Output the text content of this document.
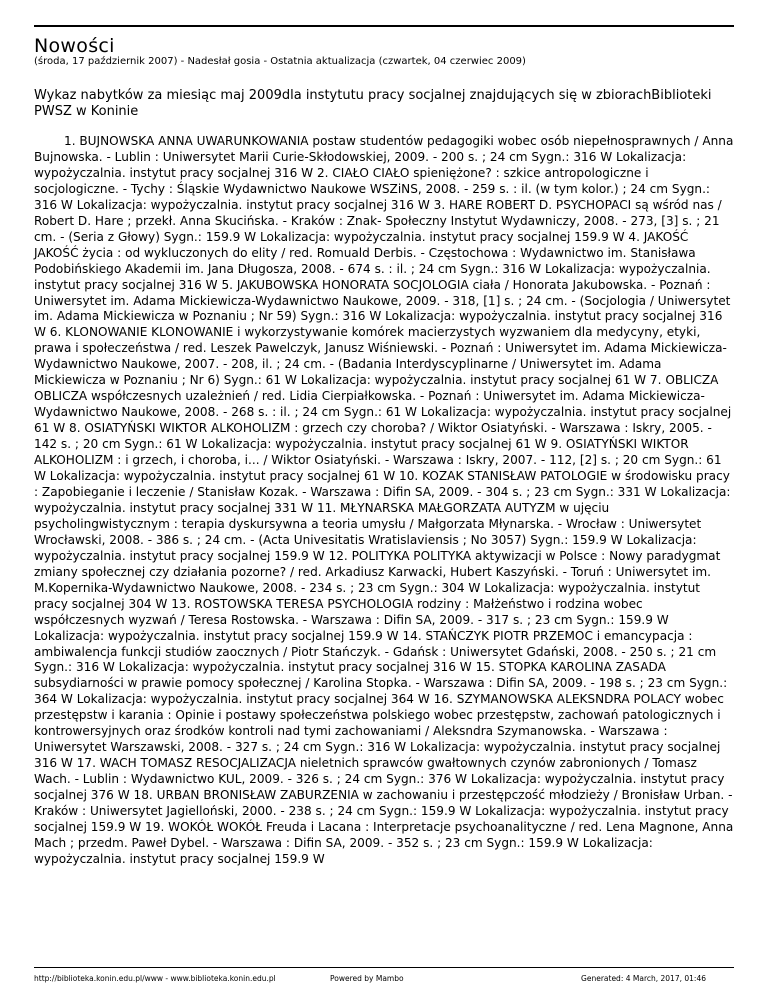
Nowości
(środa, 17 październik 2007) - Nadesłał gosia - Ostatnia aktualizacja (czwartek, 04 czerwiec 2009)
Wykaz nabytków za miesiąc maj 2009dla instytutu pracy socjalnej znajdujących się w zbiorachBiblioteki PWSZ w Koninie
1. BUJNOWSKA ANNA UWARUNKOWANIA postaw studentów pedagogiki wobec osób niepełnosprawnych / Anna Bujnowska. - Lublin : Uniwersytet Marii Curie-Skłodowskiej, 2009. - 200 s. ; 24 cm Sygn.: 316 W Lokalizacja: wypożyczalnia. instytut pracy socjalnej 316 W 2. CIAŁO CIAŁO spieniężone? : szkice antropologiczne i socjologiczne. - Tychy : Śląskie Wydawnictwo Naukowe WSZiNS, 2008. - 259 s. : il. (w tym kolor.) ; 24 cm Sygn.: 316 W Lokalizacja: wypożyczalnia. instytut pracy socjalnej 316 W 3. HARE ROBERT D. PSYCHOPACI są wśród nas / Robert D. Hare ; przekł. Anna Skucińska. - Kraków : Znak- Społeczny Instytut Wydawniczy, 2008. - 273, [3] s. ; 21 cm. - (Seria z Głowy) Sygn.: 159.9 W Lokalizacja: wypożyczalnia. instytut pracy socjalnej 159.9 W 4. JAKOŚĆ JAKOŚĆ życia : od wykluczonych do elity / red. Romuald Derbis. - Częstochowa : Wydawnictwo im. Stanisława Podobińskiego Akademii im. Jana Długosza, 2008. - 674 s. : il. ; 24 cm Sygn.: 316 W Lokalizacja: wypożyczalnia. instytut pracy socjalnej 316 W 5. JAKUBOWSKA HONORATA SOCJOLOGIA ciała / Honorata Jakubowska. - Poznań : Uniwersytet im. Adama Mickiewicza-Wydawnictwo Naukowe, 2009. - 318, [1] s. ; 24 cm. - (Socjologia / Uniwersytet im. Adama Mickiewicza w Poznaniu ; Nr 59) Sygn.: 316 W Lokalizacja: wypożyczalnia. instytut pracy socjalnej 316 W 6. KLONOWANIE KLONOWANIE i wykorzystywanie komórek macierzystych wyzwaniem dla medycyny, etyki, prawa i społeczeństwa / red. Leszek Pawelczyk, Janusz Wiśniewski. - Poznań : Uniwersytet im. Adama Mickiewicza-Wydawnictwo Naukowe, 2007. - 208, il. ; 24 cm. - (Badania Interdyscyplinarne / Uniwersytet im. Adama Mickiewicza w Poznaniu ; Nr 6) Sygn.: 61 W Lokalizacja: wypożyczalnia. instytut pracy socjalnej 61 W 7. OBLICZA OBLICZA współczesnych uzależnień / red. Lidia Cierpiałkowska. - Poznań : Uniwersytet im. Adama Mickiewicza-Wydawnictwo Naukowe, 2008. - 268 s. : il. ; 24 cm Sygn.: 61 W Lokalizacja: wypożyczalnia. instytut pracy socjalnej 61 W 8. OSIATYŃSKI WIKTOR ALKOHOLIZM : grzech czy choroba? / Wiktor Osiatyński. - Warszawa : Iskry, 2005. - 142 s. ; 20 cm Sygn.: 61 W Lokalizacja: wypożyczalnia. instytut pracy socjalnej 61 W 9. OSIATYŃSKI WIKTOR ALKOHOLIZM : i grzech, i choroba, i... / Wiktor Osiatyński. - Warszawa : Iskry, 2007. - 112, [2] s. ; 20 cm Sygn.: 61 W Lokalizacja: wypożyczalnia. instytut pracy socjalnej 61 W 10. KOZAK STANISŁAW PATOLOGIE w środowisku pracy : Zapobieganie i leczenie / Stanisław Kozak. - Warszawa : Difin SA, 2009. - 304 s. ; 23 cm Sygn.: 331 W Lokalizacja: wypożyczalnia. instytut pracy socjalnej 331 W 11. MŁYNARSKA MAŁGORZATA AUTYZM w ujęciu psycholingwistycznym : terapia dyskursywna a teoria umysłu / Małgorzata Młynarska. - Wrocław : Uniwersytet Wrocławski, 2008. - 386 s. ; 24 cm. - (Acta Univesitatis Wratislaviensis ; No 3057) Sygn.: 159.9 W Lokalizacja: wypożyczalnia. instytut pracy socjalnej 159.9 W 12. POLITYKA POLITYKA aktywizacji w Polsce : Nowy paradygmat zmiany społecznej czy działania pozorne? / red. Arkadiusz Karwacki, Hubert Kaszyński. - Toruń : Uniwersytet im. M.Kopernika-Wydawnictwo Naukowe, 2008. - 234 s. ; 23 cm Sygn.: 304 W Lokalizacja: wypożyczalnia. instytut pracy socjalnej 304 W 13. ROSTOWSKA TERESA PSYCHOLOGIA rodziny : Małżeństwo i rodzina wobec współczesnych wyzwań / Teresa Rostowska. - Warszawa : Difin SA, 2009. - 317 s. ; 23 cm Sygn.: 159.9 W Lokalizacja: wypożyczalnia. instytut pracy socjalnej 159.9 W 14. STAŃCZYK PIOTR PRZEMOC i emancypacja : ambiwalencja funkcji studiów zaocznych / Piotr Stańczyk. - Gdańsk : Uniwersytet Gdański, 2008. - 250 s. ; 21 cm Sygn.: 316 W Lokalizacja: wypożyczalnia. instytut pracy socjalnej 316 W 15. STOPKA KAROLINA ZASADA subsydiarności w prawie pomocy społecznej / Karolina Stopka. - Warszawa : Difin SA, 2009. - 198 s. ; 23 cm Sygn.: 364 W Lokalizacja: wypożyczalnia. instytut pracy socjalnej 364 W 16. SZYMANOWSKA ALEKSNDRA POLACY wobec przestępstw i karania : Opinie i postawy społeczeństwa polskiego wobec przestępstw, zachowań patologicznych i kontrowersyjnych oraz środków kontroli nad tymi zachowaniami / Aleksndra Szymanowska. - Warszawa : Uniwersytet Warszawski, 2008. - 327 s. ; 24 cm Sygn.: 316 W Lokalizacja: wypożyczalnia. instytut pracy socjalnej 316 W 17. WACH TOMASZ RESOCJALIZACJA nieletnich sprawców gwałtownych czynów zabronionych / Tomasz Wach. - Lublin : Wydawnictwo KUL, 2009. - 326 s. ; 24 cm Sygn.: 376 W Lokalizacja: wypożyczalnia. instytut pracy socjalnej 376 W 18. URBAN BRONISŁAW ZABURZENIA w zachowaniu i przestępczość młodzieży / Bronisław Urban. - Kraków : Uniwersytet Jagielloński, 2000. - 238 s. ; 24 cm Sygn.: 159.9 W Lokalizacja: wypożyczalnia. instytut pracy socjalnej 159.9 W 19. WOKÓŁ WOKÓŁ Freuda i Lacana : Interpretacje psychoanalityczne / red. Lena Magnone, Anna Mach ; przedm. Paweł Dybel. - Warszawa : Difin SA, 2009. - 352 s. ; 23 cm Sygn.: 159.9 W Lokalizacja: wypożyczalnia. instytut pracy socjalnej 159.9 W
http://biblioteka.konin.edu.pl/www - www.biblioteka.konin.edu.pl	Powered by Mambo	Generated: 4 March, 2017, 01:46
